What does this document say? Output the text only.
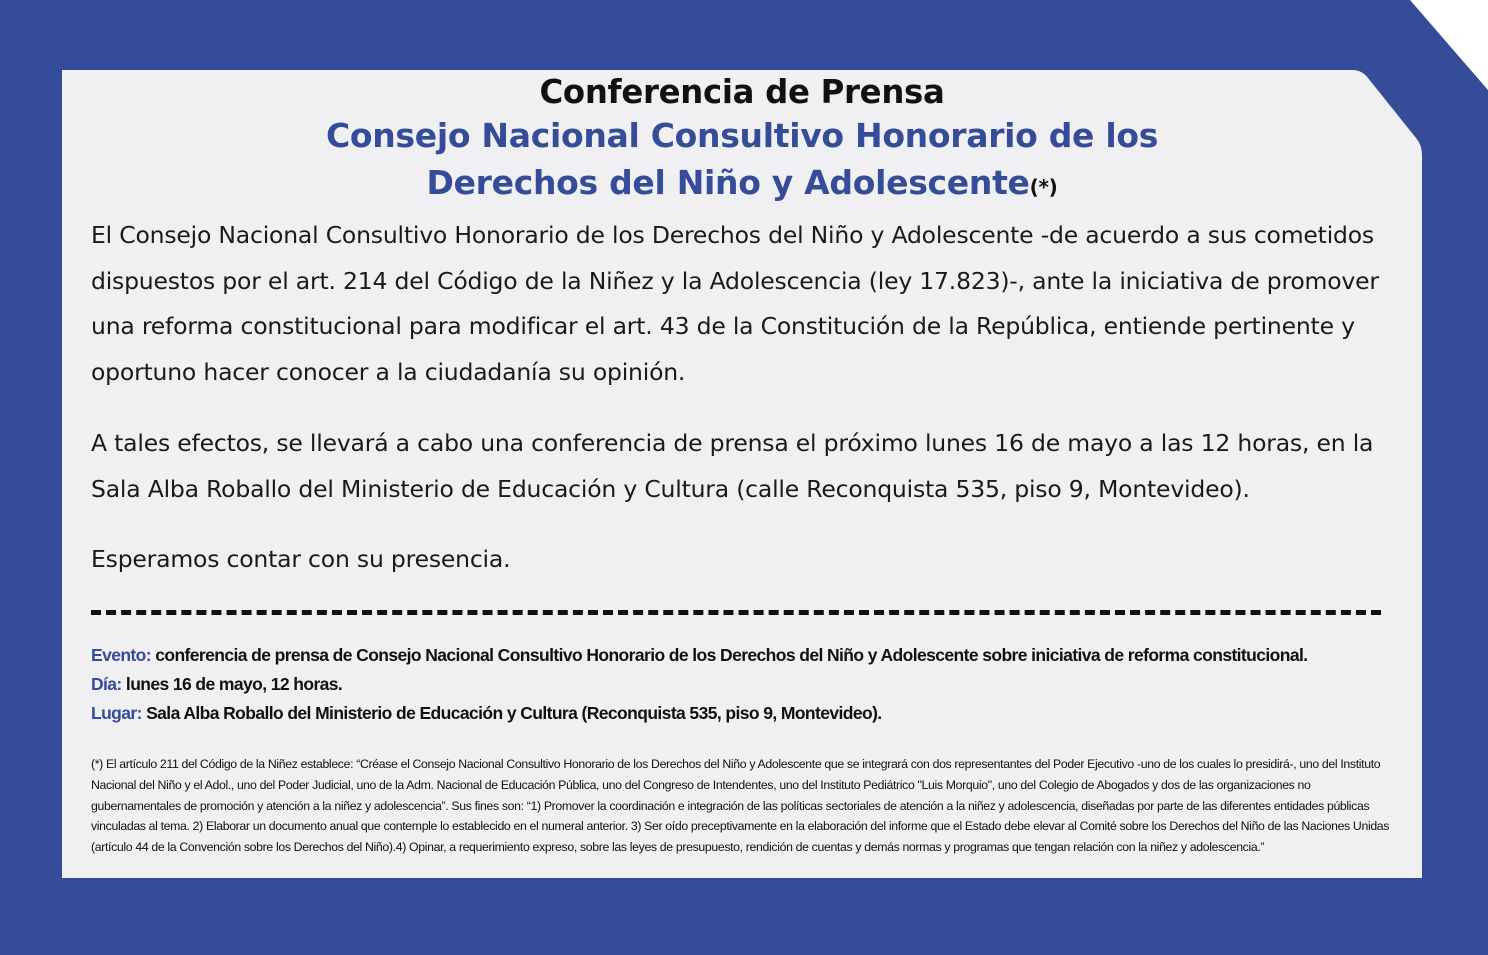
Conferencia de Prensa
Consejo Nacional Consultivo Honorario de los
Derechos del Niño y Adolescente(*)
El Consejo Nacional Consultivo Honorario de los Derechos del Niño y Adolescente -de acuerdo a sus cometidos dispuestos por el art. 214 del Código de la Niñez y la Adolescencia (ley 17.823)-, ante la iniciativa de promover una reforma constitucional para modificar el art. 43 de la Constitución de la República, entiende pertinente y oportuno hacer conocer a la ciudadanía su opinión.
A tales efectos, se llevará a cabo una conferencia de prensa el próximo lunes 16 de mayo a las 12 horas, en la Sala Alba Roballo del Ministerio de Educación y Cultura (calle Reconquista 535, piso 9, Montevideo).
Esperamos contar con su presencia.
Evento: conferencia de prensa de Consejo Nacional Consultivo Honorario de los Derechos del Niño y Adolescente sobre iniciativa de reforma constitucional.
Día: lunes 16 de mayo, 12 horas.
Lugar: Sala Alba Roballo del Ministerio de Educación y Cultura (Reconquista 535, piso 9, Montevideo).
(*) El artículo 211 del Código de la Niñez establece: “Créase el Consejo Nacional Consultivo Honorario de los Derechos del Niño y Adolescente que se integrará con dos representantes del Poder Ejecutivo -uno de los cuales lo presidirá-, uno del Instituto Nacional del Niño y el Adol., uno del Poder Judicial, uno de la Adm. Nacional de Educación Pública, uno del Congreso de Intendentes, uno del Instituto Pediátrico "Luis Morquio", uno del Colegio de Abogados y dos de las organizaciones no gubernamentales de promoción y atención a la niñez y adolescencia”. Sus fines son: “1) Promover la coordinación e integración de las políticas sectoriales de atención a la niñez y adolescencia, diseñadas por parte de las diferentes entidades públicas vinculadas al tema. 2) Elaborar un documento anual que contemple lo establecido en el numeral anterior. 3) Ser oído preceptivamente en la elaboración del informe que el Estado debe elevar al Comité sobre los Derechos del Niño de las Naciones Unidas (artículo 44 de la Convención sobre los Derechos del Niño).4) Opinar, a requerimiento expreso, sobre las leyes de presupuesto, rendición de cuentas y demás normas y programas que tengan relación con la niñez y adolescencia.”
